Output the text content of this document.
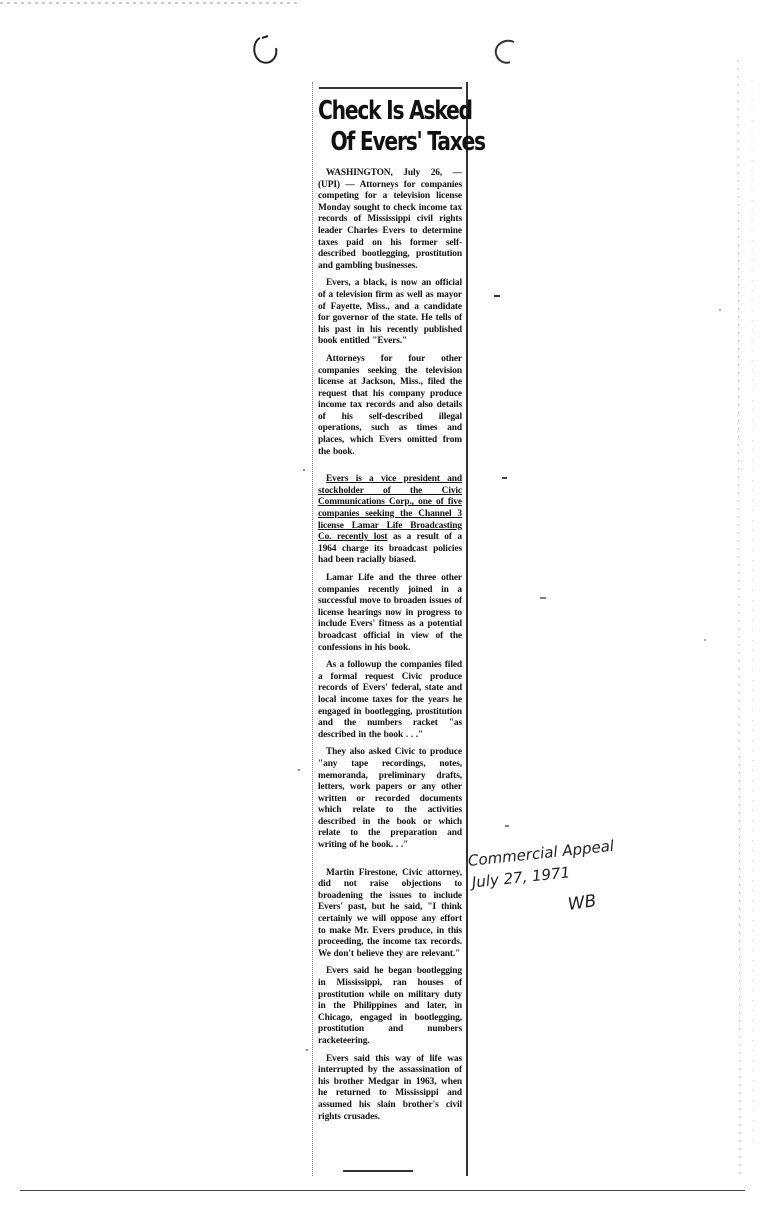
Check Is Asked
Of Evers' Taxes

WASHINGTON, July 26, — (UPI) — Attorneys for companies competing for a television license Monday sought to check income tax records of Mississippi civil rights leader Charles Evers to determine taxes paid on his former self-described bootlegging, prostitution and gambling businesses.

Evers, a black, is now an official of a television firm as well as mayor of Fayette, Miss., and a candidate for governor of the state. He tells of his past in his recently published book entitled "Evers."

Attorneys for four other companies seeking the television license at Jackson, Miss., filed the request that his company produce income tax records and also details of his self-described illegal operations, such as times and places, which Evers omitted from the book.

Evers is a vice president and stockholder of the Civic Communications Corp., one of five companies seeking the Channel 3 license Lamar Life Broadcasting Co. recently lost as a result of a 1964 charge its broadcast policies had been racially biased.

Lamar Life and the three other companies recently joined in a successful move to broaden issues of license hearings now in progress to include Evers' fitness as a potential broadcast official in view of the confessions in his book.

As a followup the companies filed a formal request Civic produce records of Evers' federal, state and local income taxes for the years he engaged in bootlegging, prostitution and the numbers racket "as described in the book . . ."

They also asked Civic to produce "any tape recordings, notes, memoranda, preliminary drafts, letters, work papers or any other written or recorded documents which relate to the activities described in the book or which relate to the preparation and writing of he book. . ."

Martin Firestone, Civic attorney, did not raise objections to broadening the issues to include Evers' past, but he said, "I think certainly we will oppose any effort to make Mr. Evers produce, in this proceeding, the income tax records. We don't believe they are relevant."

Evers said he began bootlegging in Mississippi, ran houses of prostitution while on military duty in the Philippines and later, in Chicago, engaged in bootlegging, prostitution and numbers racketeering.

Evers said this way of life was interrupted by the assassination of his brother Medgar in 1963, when he returned to Mississippi and assumed his slain brother's civil rights crusades.

Commercial Appeal
July 27, 1971
WB
